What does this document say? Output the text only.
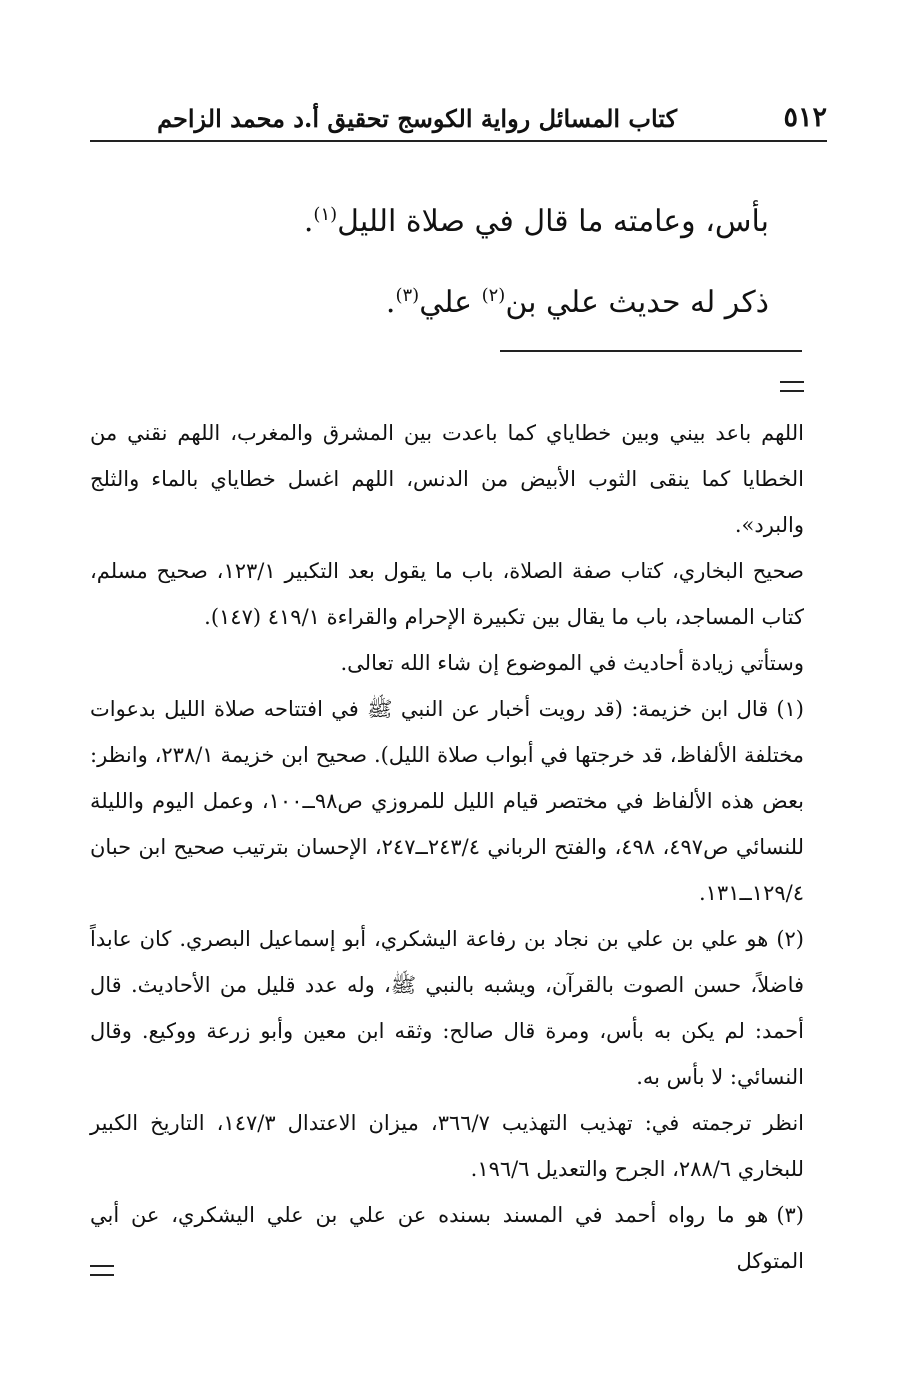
٥١٢
كتاب المسائل رواية الكوسج تحقيق أ.د محمد الزاحم

بأس، وعامته ما قال في صلاة الليل$^{(١)}$.

ذكر له حديث علي بن$^{(٢)}$ علي$^{(٣)}$.

اللهم باعد بيني وبين خطاياي كما باعدت بين المشرق والمغرب، اللهم نقني من الخطايا كما ينقى الثوب الأبيض من الدنس، اللهم اغسل خطاياي بالماء والثلج والبرد».

صحيح البخاري، كتاب صفة الصلاة، باب ما يقول بعد التكبير ١٢٣/١، صحيح مسلم، كتاب المساجد، باب ما يقال بين تكبيرة الإحرام والقراءة ٤١٩/١ (١٤٧).

وستأتي زيادة أحاديث في الموضوع إن شاء الله تعالى.

(١)قال ابن خزيمة: (قد رويت أخبار عن النبي ﷺ في افتتاحه صلاة الليل بدعوات مختلفة الألفاظ، قد خرجتها في أبواب صلاة الليل). صحيح ابن خزيمة ٢٣٨/١، وانظر: بعض هذه الألفاظ في مختصر قيام الليل للمروزي ص٩٨ــ١٠٠، وعمل اليوم والليلة للنسائي ص٤٩٧، ٤٩٨، والفتح الرباني ٢٤٣/٤ــ٢٤٧، الإحسان بترتيب صحيح ابن حبان ١٢٩/٤ــ١٣١.

(٢)هو علي بن علي بن نجاد بن رفاعة اليشكري، أبو إسماعيل البصري. كان عابداً فاضلاً، حسن الصوت بالقرآن، ويشبه بالنبي ﷺ، وله عدد قليل من الأحاديث. قال أحمد: لم يكن به بأس، ومرة قال صالح: وثقه ابن معين وأبو زرعة ووكيع. وقال النسائي: لا بأس به.

انظر ترجمته في: تهذيب التهذيب ٣٦٦/٧، ميزان الاعتدال ١٤٧/٣، التاريخ الكبير للبخاري ٢٨٨/٦، الجرح والتعديل ١٩٦/٦.

(٣)هو ما رواه أحمد في المسند بسنده عن علي بن علي اليشكري، عن أبي المتوكل
